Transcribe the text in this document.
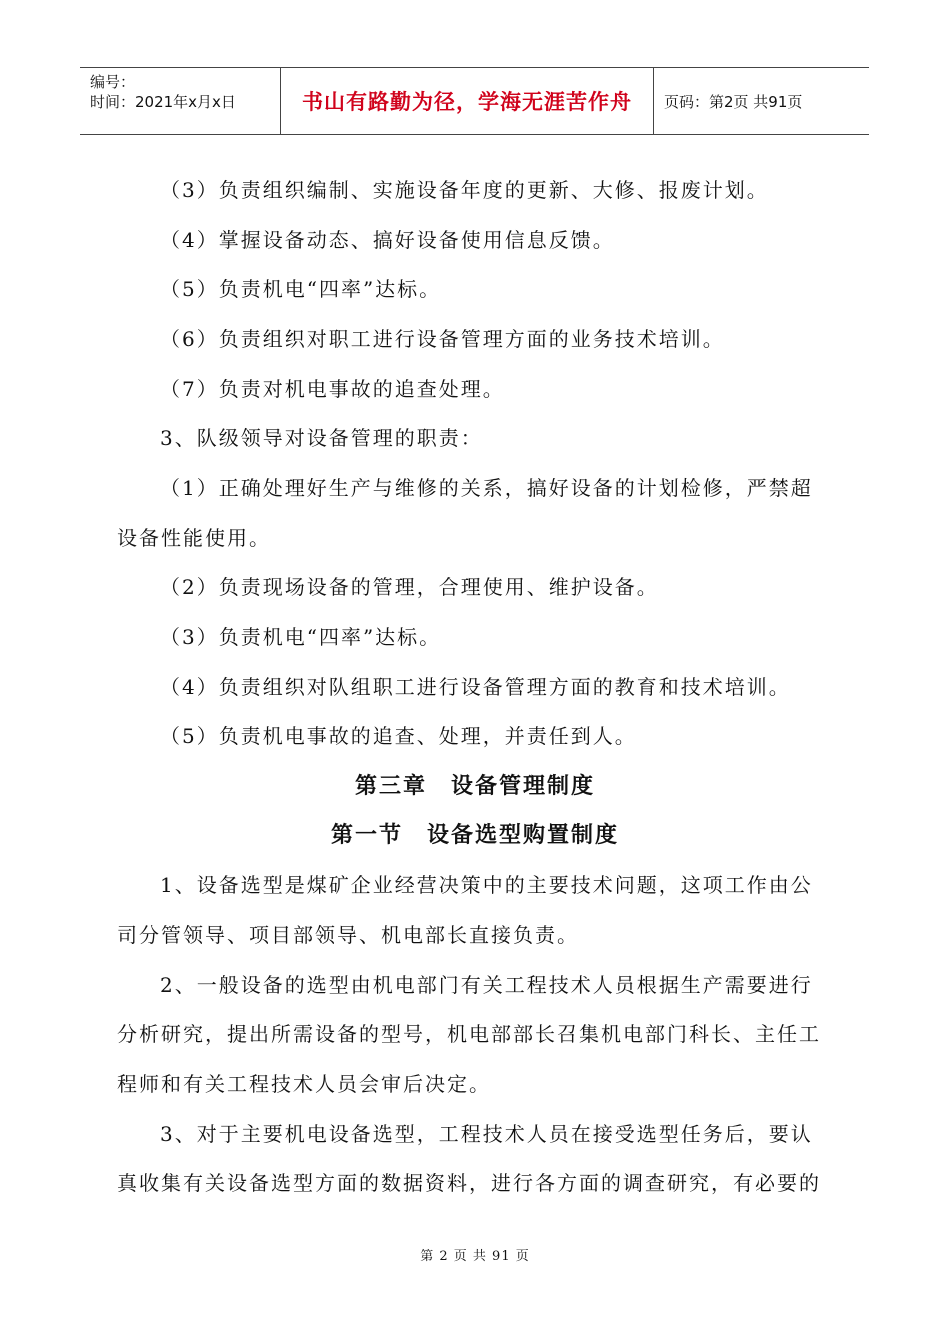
编号：
时间：2021年x月x日	书山有路勤为径，学海无涯苦作舟	页码：第2页 共91页
（3）负责组织编制、实施设备年度的更新、大修、报废计划。
（4）掌握设备动态、搞好设备使用信息反馈。
（5）负责机电“四率”达标。
（6）负责组织对职工进行设备管理方面的业务技术培训。
（7）负责对机电事故的追查处理。
3、队级领导对设备管理的职责：
（1）正确处理好生产与维修的关系，搞好设备的计划检修，严禁超
设备性能使用。
（2）负责现场设备的管理，合理使用、维护设备。
（3）负责机电“四率”达标。
（4）负责组织对队组职工进行设备管理方面的教育和技术培训。
（5）负责机电事故的追查、处理，并责任到人。
第三章　设备管理制度
第一节　设备选型购置制度
1、设备选型是煤矿企业经营决策中的主要技术问题，这项工作由公
司分管领导、项目部领导、机电部长直接负责。
2、一般设备的选型由机电部门有关工程技术人员根据生产需要进行
分析研究，提出所需设备的型号，机电部部长召集机电部门科长、主任工
程师和有关工程技术人员会审后决定。
3、对于主要机电设备选型，工程技术人员在接受选型任务后，要认
真收集有关设备选型方面的数据资料，进行各方面的调查研究，有必要的
第 2 页 共 91 页
